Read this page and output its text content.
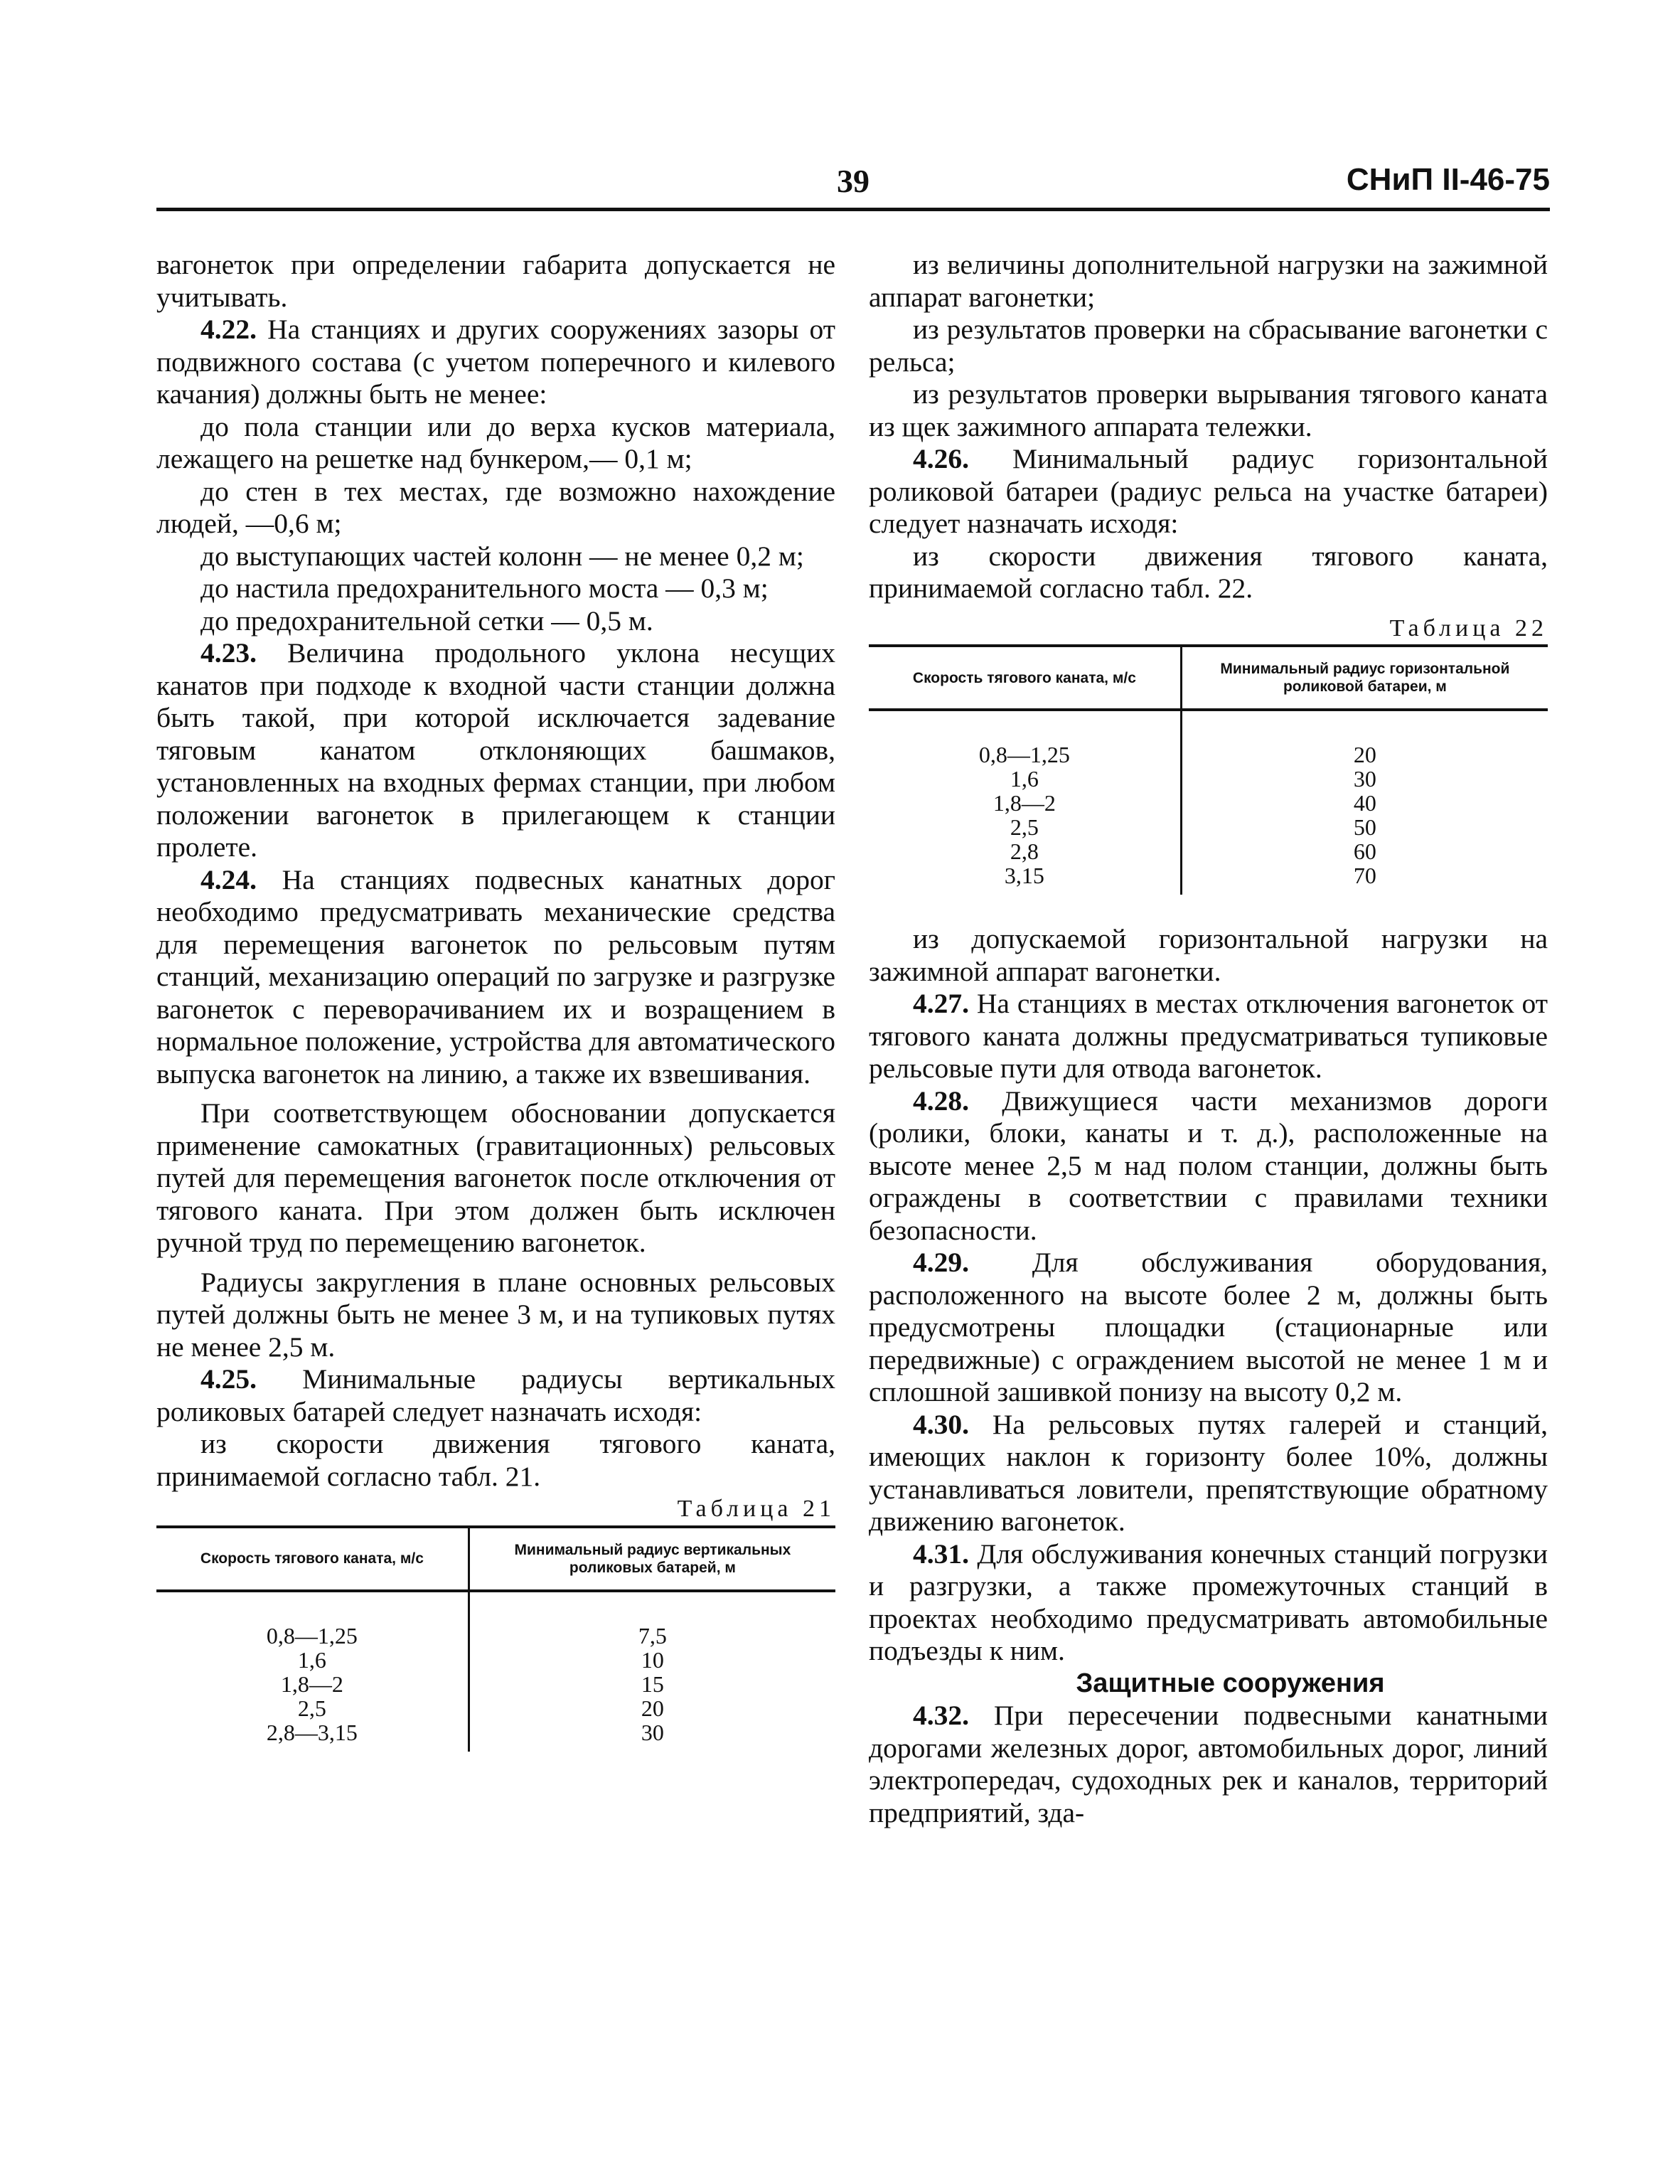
39	СНиП II-46-75

вагонеток при определении габарита допускается не учитывать.

4.22. На станциях и других сооружениях зазоры от подвижного состава (с учетом поперечного и килевого качания) должны быть не менее:

до пола станции или до верха кусков материала, лежащего на решетке над бункером,— 0,1 м;

до стен в тех местах, где возможно нахождение людей, —0,6 м;

до выступающих частей колонн — не менее 0,2 м;

до настила предохранительного моста — 0,3 м;

до предохранительной сетки — 0,5 м.

4.23. Величина продольного уклона несущих канатов при подходе к входной части станции должна быть такой, при которой исключается задевание тяговым канатом отклоняющих башмаков, установленных на входных фермах станции, при любом положении вагонеток в прилегающем к станции пролете.

4.24. На станциях подвесных канатных дорог необходимо предусматривать механические средства для перемещения вагонеток по рельсовым путям станций, механизацию операций по загрузке и разгрузке вагонеток с переворачиванием их и возращением в нормальное положение, устройства для автоматического выпуска вагонеток на линию, а также их взвешивания.

При соответствующем обосновании допускается применение самокатных (гравитационных) рельсовых путей для перемещения вагонеток после отключения от тягового каната. При этом должен быть исключен ручной труд по перемещению вагонеток.

Радиусы закругления в плане основных рельсовых путей должны быть не менее 3 м, и на тупиковых путях не менее 2,5 м.

4.25. Минимальные радиусы вертикальных роликовых батарей следует назначать исходя:

из скорости движения тягового каната, принимаемой согласно табл. 21.

Таблица 21

Скорость тягового каната, м/с	Минимальный радиус вертикальных роликовых батарей, м
0,8—1,25	7,5
1,6	10
1,8—2	15
2,5	20
2,8—3,15	30

из величины дополнительной нагрузки на зажимной аппарат вагонетки;

из результатов проверки на сбрасывание вагонетки с рельса;

из результатов проверки вырывания тягового каната из щек зажимного аппарата тележки.

4.26. Минимальный радиус горизонтальной роликовой батареи (радиус рельса на участке батареи) следует назначать исходя:

из скорости движения тягового каната, принимаемой согласно табл. 22.

Таблица 22

Скорость тягового каната, м/с	Минимальный радиус горизонтальной роликовой батареи, м
0,8—1,25	20
1,6	30
1,8—2	40
2,5	50
2,8	60
3,15	70

из допускаемой горизонтальной нагрузки на зажимной аппарат вагонетки.

4.27. На станциях в местах отключения вагонеток от тягового каната должны предусматриваться тупиковые рельсовые пути для отвода вагонеток.

4.28. Движущиеся части механизмов дороги (ролики, блоки, канаты и т. д.), расположенные на высоте менее 2,5 м над полом станции, должны быть ограждены в соответствии с правилами техники безопасности.

4.29. Для обслуживания оборудования, расположенного на высоте более 2 м, должны быть предусмотрены площадки (стационарные или передвижные) с ограждением высотой не менее 1 м и сплошной зашивкой понизу на высоту 0,2 м.

4.30. На рельсовых путях галерей и станций, имеющих наклон к горизонту более 10%, должны устанавливаться ловители, препятствующие обратному движению вагонеток.

4.31. Для обслуживания конечных станций погрузки и разгрузки, а также промежуточных станций в проектах необходимо предусматривать автомобильные подъезды к ним.

Защитные сооружения

4.32. При пересечении подвесными канатными дорогами железных дорог, автомобильных дорог, линий электропередач, судоходных рек и каналов, территорий предприятий, зда-
